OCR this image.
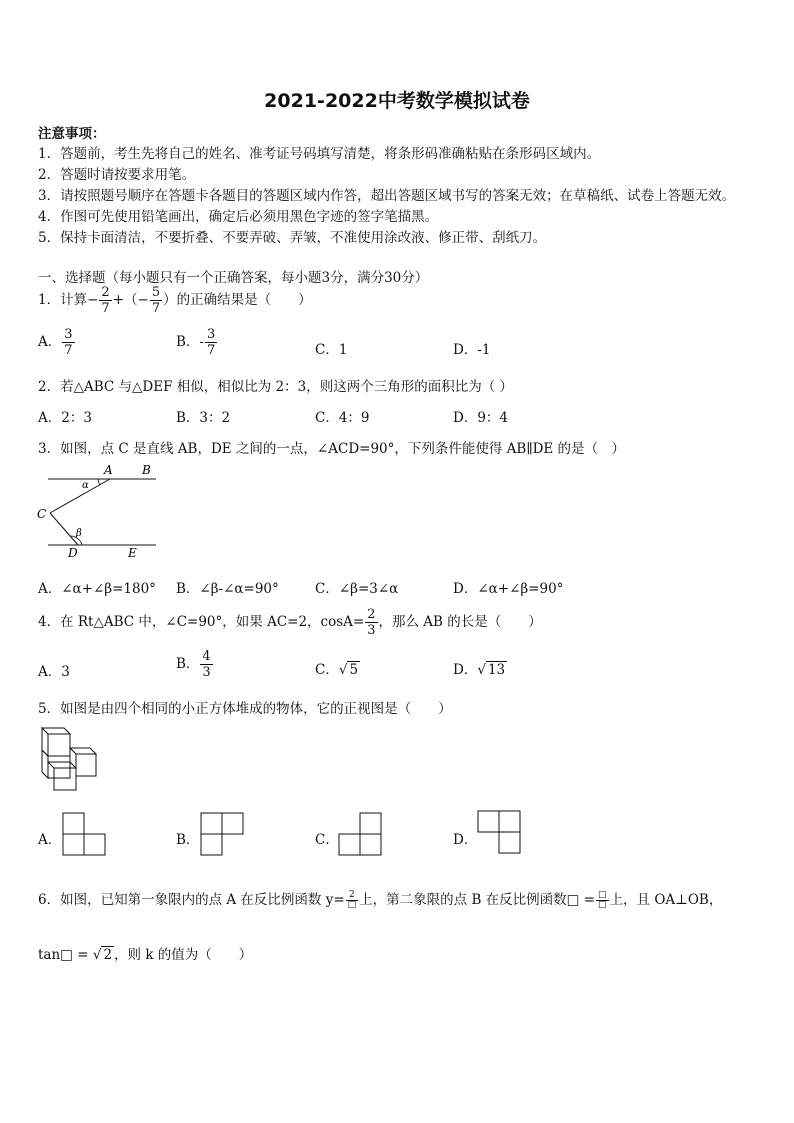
2021-2022中考数学模拟试卷
注意事项：
1．答题前，考生先将自己的姓名、准考证号码填写清楚，将条形码准确粘贴在条形码区域内。
2．答题时请按要求用笔。
3．请按照题号顺序在答题卡各题目的答题区域内作答，超出答题区域书写的答案无效；在草稿纸、试卷上答题无效。
4．作图可先使用铅笔画出，确定后必须用黑色字迹的签字笔描黑。
5．保持卡面清洁，不要折叠、不要弄破、弄皱，不准使用涂改液、修正带、刮纸刀。
一、选择题（每小题只有一个正确答案，每小题3分，满分30分）
1．计算− $\frac{2}{7}$ +（− $\frac{5}{7}$ ）的正确结果是（　　）
A． $\frac{3}{7}$	B．- $\frac{3}{7}$	C．1	D．-1
2．若△ABC 与△DEF 相似，相似比为 2：3，则这两个三角形的面积比为（ ）
A．2：3	B．3：2	C．4：9	D．9：4
3．如图，点 C 是直线 AB，DE 之间的一点，∠ACD=90°，下列条件能使得 AB∥DE 的是（　）
A B
C
D	E
α
β
A．∠α+∠β=180° B．∠β-∠α=90°	C．∠β=3∠α	D．∠α+∠β=90°
4．在 Rt△ABC 中，∠C=90°，如果 AC=2，$\cos A= \frac{2}{3}$ ，那么 AB 的长是（　　）
A．3	B． $\frac{4}{3}$	C．√ 5	D．√ 13
5．如图是由四个相同的小正方体堆成的物体，它的正视图是（　　）
A．	B．	C．	D．
6．如图，已知第一象限内的点 A 在反比例函数 $y= \frac{2}{□}$ 上，第二象限的点 B 在反比例函数□ = $\frac{□}{□}$ 上，且 OA⊥OB，
tan□ = √ 2 ，则 k 的值为（　　）
